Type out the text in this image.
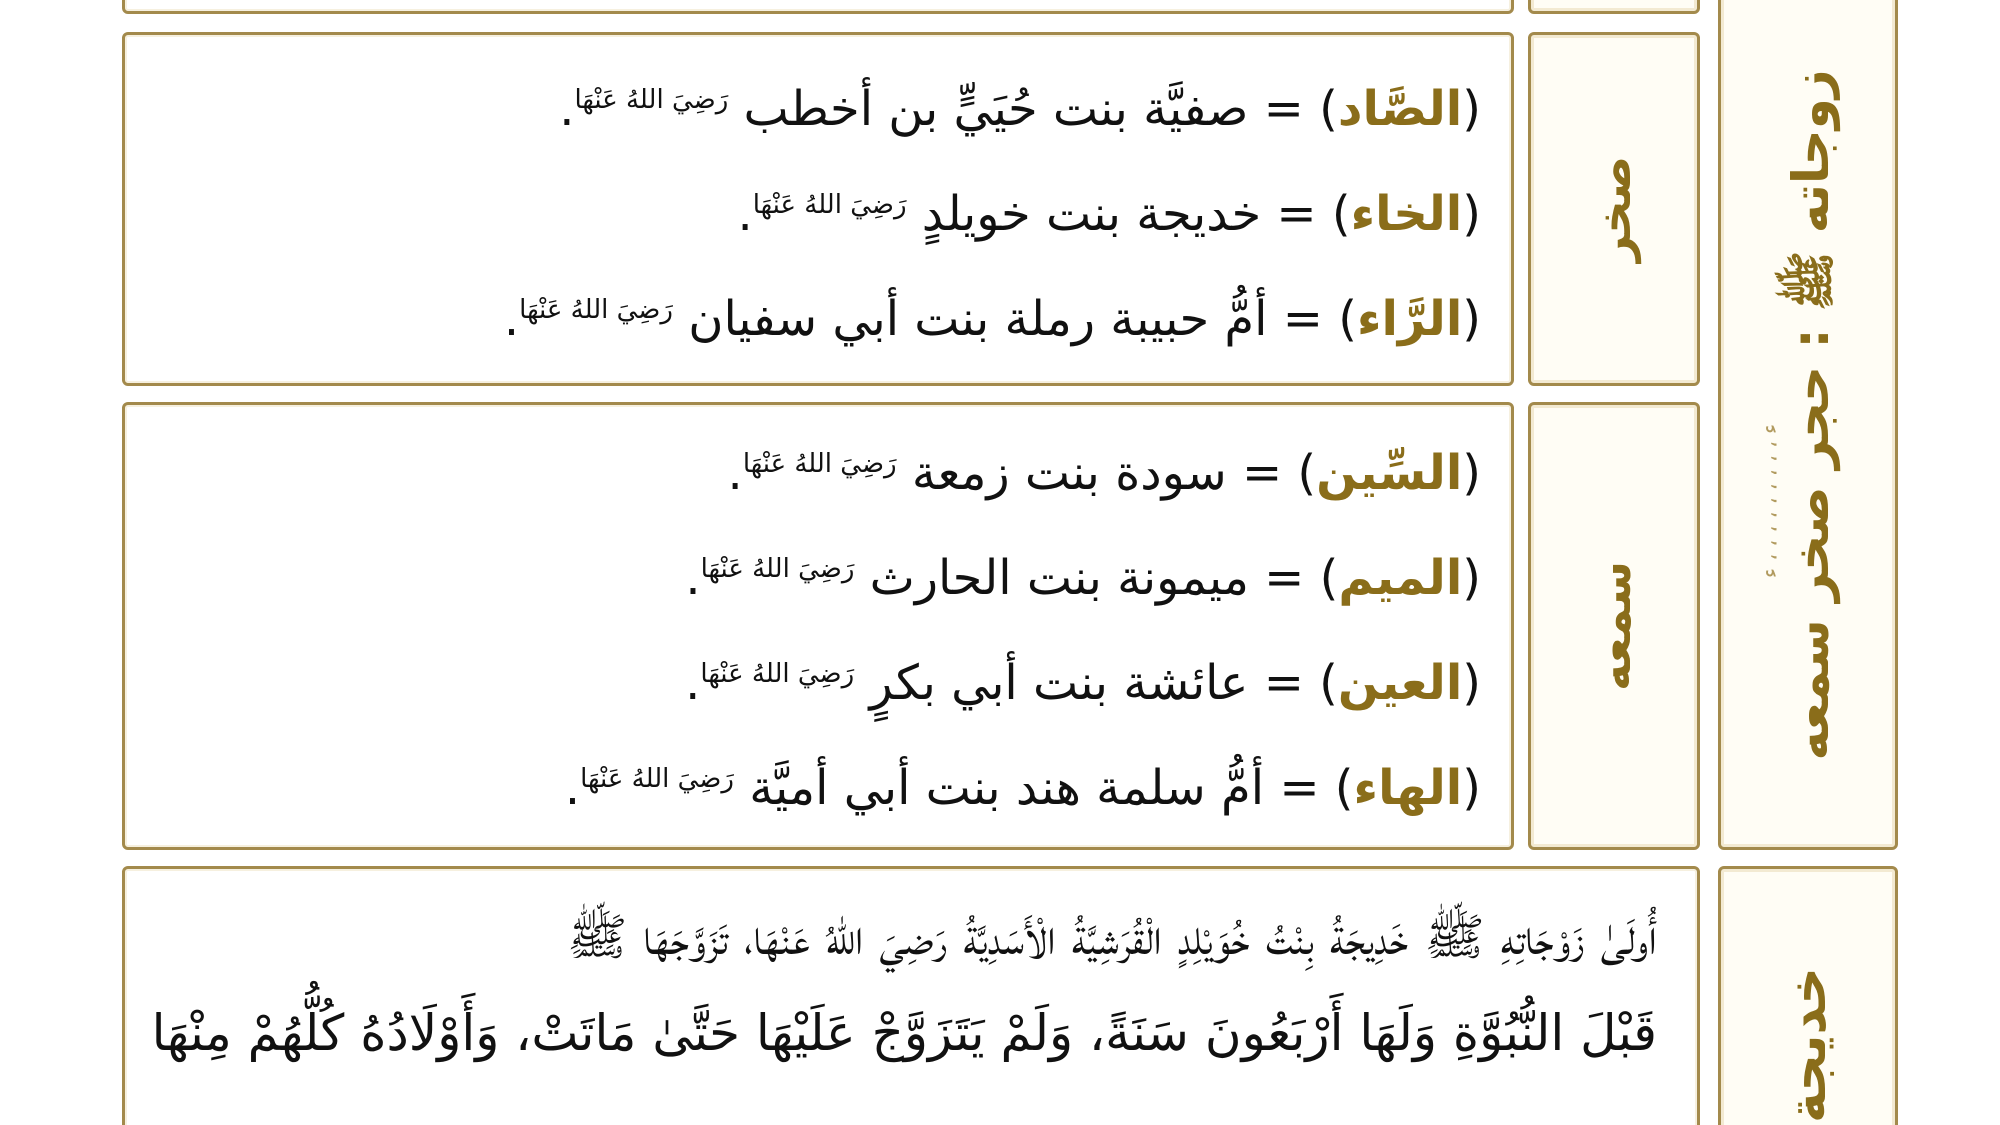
(الصَّاد) = صفيَّة بنت حُيَيٍّ بن أخطب $^{رَضِيَ اللهُ عَنْهَا}$.
(الخاء) = خديجة بنت خويلدٍ $^{رَضِيَ اللهُ عَنْهَا}$.
(الرَّاء) = أمُّ حبيبة رملة بنت أبي سفيان $^{رَضِيَ اللهُ عَنْهَا}$.
صخر
(السِّين) = سودة بنت زمعة $^{رَضِيَ اللهُ عَنْهَا}$.
(الميم) = ميمونة بنت الحارث $^{رَضِيَ اللهُ عَنْهَا}$.
(العين) = عائشة بنت أبي بكرٍ $^{رَضِيَ اللهُ عَنْهَا}$.
(الهاء) = أمُّ سلمة هند بنت أبي أميَّة $^{رَضِيَ اللهُ عَنْهَا}$.
سمعه	زوجاته ﷺ : حجر صخر سمعه
ء ، ، ، ، ، ، ، ، ، ء
أُولَىٰ زَوْجَاتِهِ ﷺ خَدِيجَةُ بِنْتُ خُوَيْلِدٍ الْقُرَشِيَّةُ الْأَسَدِيَّةُ رَضِيَ اللهُ عَنْهَا، تَزَوَّجَهَا ﷺ
قَبْلَ النُّبُوَّةِ وَلَهَا أَرْبَعُونَ سَنَةً، وَلَمْ يَتَزَوَّجْ عَلَيْهَا حَتَّىٰ مَاتَتْ، وَأَوْلَادُهُ كُلُّهُمْ مِنْهَا خديجة
